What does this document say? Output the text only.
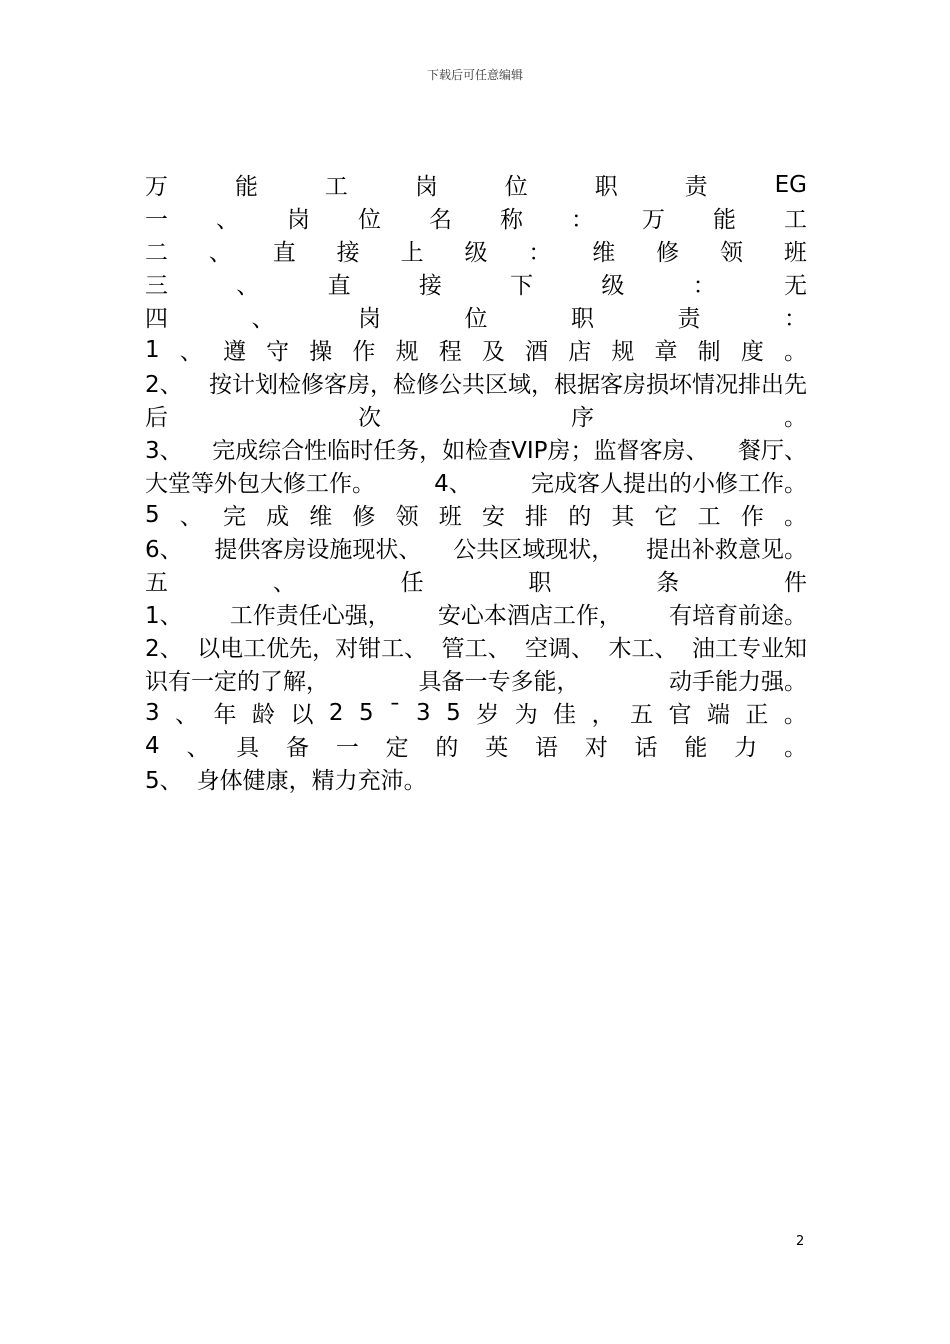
下载后可任意编辑
万	能	工	岗	位	职	责	EG
一 、 岗 位 名 称 ： 万 能 工
二 、 直 接 上 级 ： 维 修 领 班
三	、	直	接	下	级	：	无
四	、	岗	位	职	责	：
1 、 遵 守 操 作 规 程 及 酒 店 规 章 制 度 。
2、 按计划检修客房，检修公共区域，根据客房损坏情况排出先
后	次	序	。
3、 完成综合性临时任务，如检查VIP房；监督客房、 餐厅、
大堂等外包大修工作。	4、	完成客人提出的小修工作。
5 、 完 成 维 修 领 班 安 排 的 其 它 工 作 。
6、 提供客房设施现状、 公共区域现状， 提出补救意见。
五	、	任	职	条	件
1、 工作责任心强， 安心本酒店工作， 有培育前途。
2、 以电工优先，对钳工、 管工、 空调、 木工、 油工专业知
识有一定的了解，	具备一专多能，	动手能力强。
3 、 年 龄 以 2 5 ¯ 3 5 岁 为 佳 ， 五 官 端 正 。
4 、 具 备 一 定 的 英 语 对 话 能 力 。
5、 身体健康，精力充沛。
2
